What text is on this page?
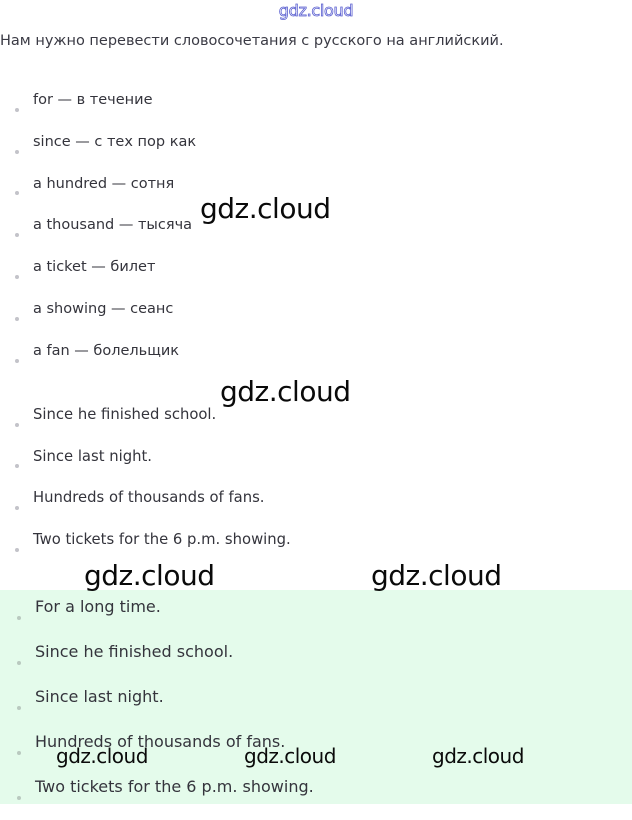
gdz.cloud
Нам нужно перевести словосочетания с русского на английский.
for — в течение
since — с тех пор как
a hundred — сотня
a thousand — тысяча
a ticket — билет
a showing — сеанс
a fan — болельщик
Since he finished school.
Since last night.
Hundreds of thousands of fans.
Two tickets for the 6 p.m. showing.
For a long time.
Since he finished school.
Since last night.
Hundreds of thousands of fans.
Two tickets for the 6 p.m. showing.
gdz.cloud
gdz.cloud
gdz.cloud	gdz.cloud
gdz.cloud	gdz.cloud	gdz.cloud
